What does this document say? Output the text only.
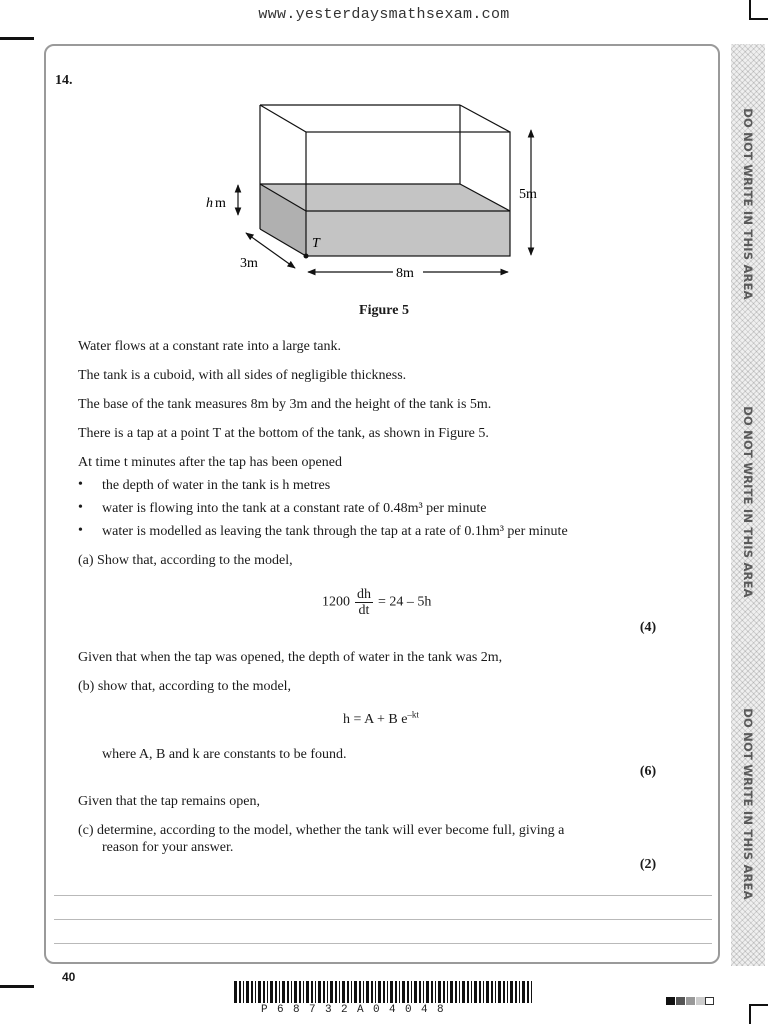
www.yesterdaysmathsexam.com
DO NOT WRITE IN THIS AREA
DO NOT WRITE IN THIS AREA
DO NOT WRITE IN THIS AREA
14.
h m
5m
3m
8m
T
Figure 5
Water flows at a constant rate into a large tank.
The tank is a cuboid, with all sides of negligible thickness.
The base of the tank measures 8m by 3m and the height of the tank is 5m.
There is a tap at a point T at the bottom of the tank, as shown in Figure 5.
At time t minutes after the tap has been opened
• the depth of water in the tank is h metres
• water is flowing into the tank at a constant rate of 0.48m³ per minute
• water is modelled as leaving the tank through the tap at a rate of 0.1hm³ per minute
(a) Show that, according to the model,
$1200 \frac{dh}{dt} = 24 - 5h$
(4)
Given that when the tap was opened, the depth of water in the tank was 2m,
(b) show that, according to the model,
h = A + B $e^{-kt}$
where A, B and k are constants to be found.
(6)
Given that the tap remains open,
(c) determine, according to the model, whether the tank will ever become full, giving a
reason for your answer.
(2)
40
P68732A04048
